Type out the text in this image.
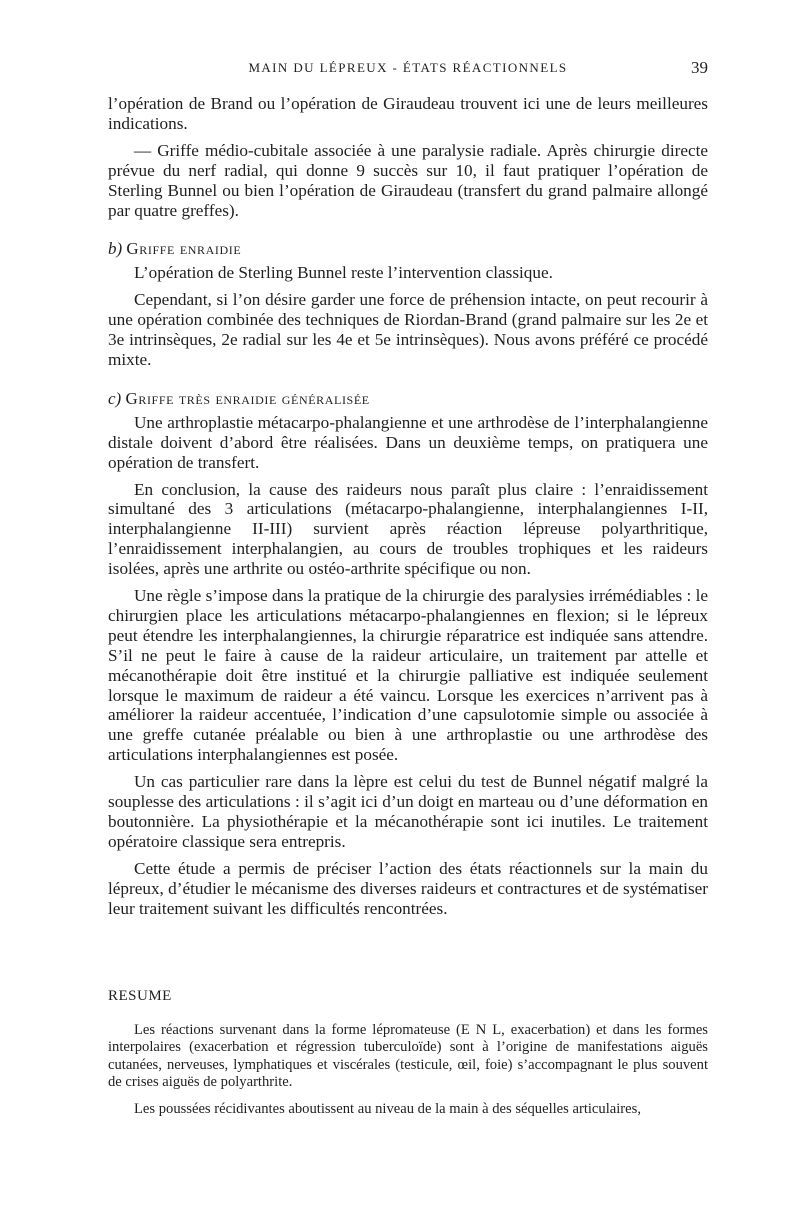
MAIN DU LÉPREUX - ÉTATS RÉACTIONNELS	39

l’opération de Brand ou l’opération de Giraudeau trouvent ici une de leurs meilleures indications.

— Griffe médio-cubitale associée à une paralysie radiale. Après chirurgie directe prévue du nerf radial, qui donne 9 succès sur 10, il faut pratiquer l’opération de Sterling Bunnel ou bien l’opération de Giraudeau (transfert du grand palmaire allongé par quatre greffes).

b) Griffe enraidie

L’opération de Sterling Bunnel reste l’intervention classique.

Cependant, si l’on désire garder une force de préhension intacte, on peut recourir à une opération combinée des techniques de Riordan-Brand (grand palmaire sur les 2e et 3e intrinsèques, 2e radial sur les 4e et 5e intrinsèques). Nous avons préféré ce procédé mixte.

c) Griffe très enraidie généralisée

Une arthroplastie métacarpo-phalangienne et une arthrodèse de l’interphalangienne distale doivent d’abord être réalisées. Dans un deuxième temps, on pratiquera une opération de transfert.

En conclusion, la cause des raideurs nous paraît plus claire : l’enraidissement simultané des 3 articulations (métacarpo-phalangienne, interphalangiennes I-II, interphalangienne II-III) survient après réaction lépreuse polyarthritique, l’enraidissement interphalangien, au cours de troubles trophiques et les raideurs isolées, après une arthrite ou ostéo-arthrite spécifique ou non.

Une règle s’impose dans la pratique de la chirurgie des paralysies irrémédiables : le chirurgien place les articulations métacarpo-phalangiennes en flexion; si le lépreux peut étendre les interphalangiennes, la chirurgie réparatrice est indiquée sans attendre. S’il ne peut le faire à cause de la raideur articulaire, un traitement par attelle et mécanothérapie doit être institué et la chirurgie palliative est indiquée seulement lorsque le maximum de raideur a été vaincu. Lorsque les exercices n’arrivent pas à améliorer la raideur accentuée, l’indication d’une capsulotomie simple ou associée à une greffe cutanée préalable ou bien à une arthroplastie ou une arthrodèse des articulations interphalangiennes est posée.

Un cas particulier rare dans la lèpre est celui du test de Bunnel négatif malgré la souplesse des articulations : il s’agit ici d’un doigt en marteau ou d’une déformation en boutonnière. La physiothérapie et la mécanothérapie sont ici inutiles. Le traitement opératoire classique sera entrepris.

Cette étude a permis de préciser l’action des états réactionnels sur la main du lépreux, d’étudier le mécanisme des diverses raideurs et contractures et de systématiser leur traitement suivant les difficultés rencontrées.

RESUME

Les réactions survenant dans la forme lépromateuse (E N L, exacerbation) et dans les formes interpolaires (exacerbation et régression tuberculoïde) sont à l’origine de manifestations aiguës cutanées, nerveuses, lymphatiques et viscérales (testicule, œil, foie) s’accompagnant le plus souvent de crises aiguës de polyarthrite.

Les poussées récidivantes aboutissent au niveau de la main à des séquelles articulaires,
